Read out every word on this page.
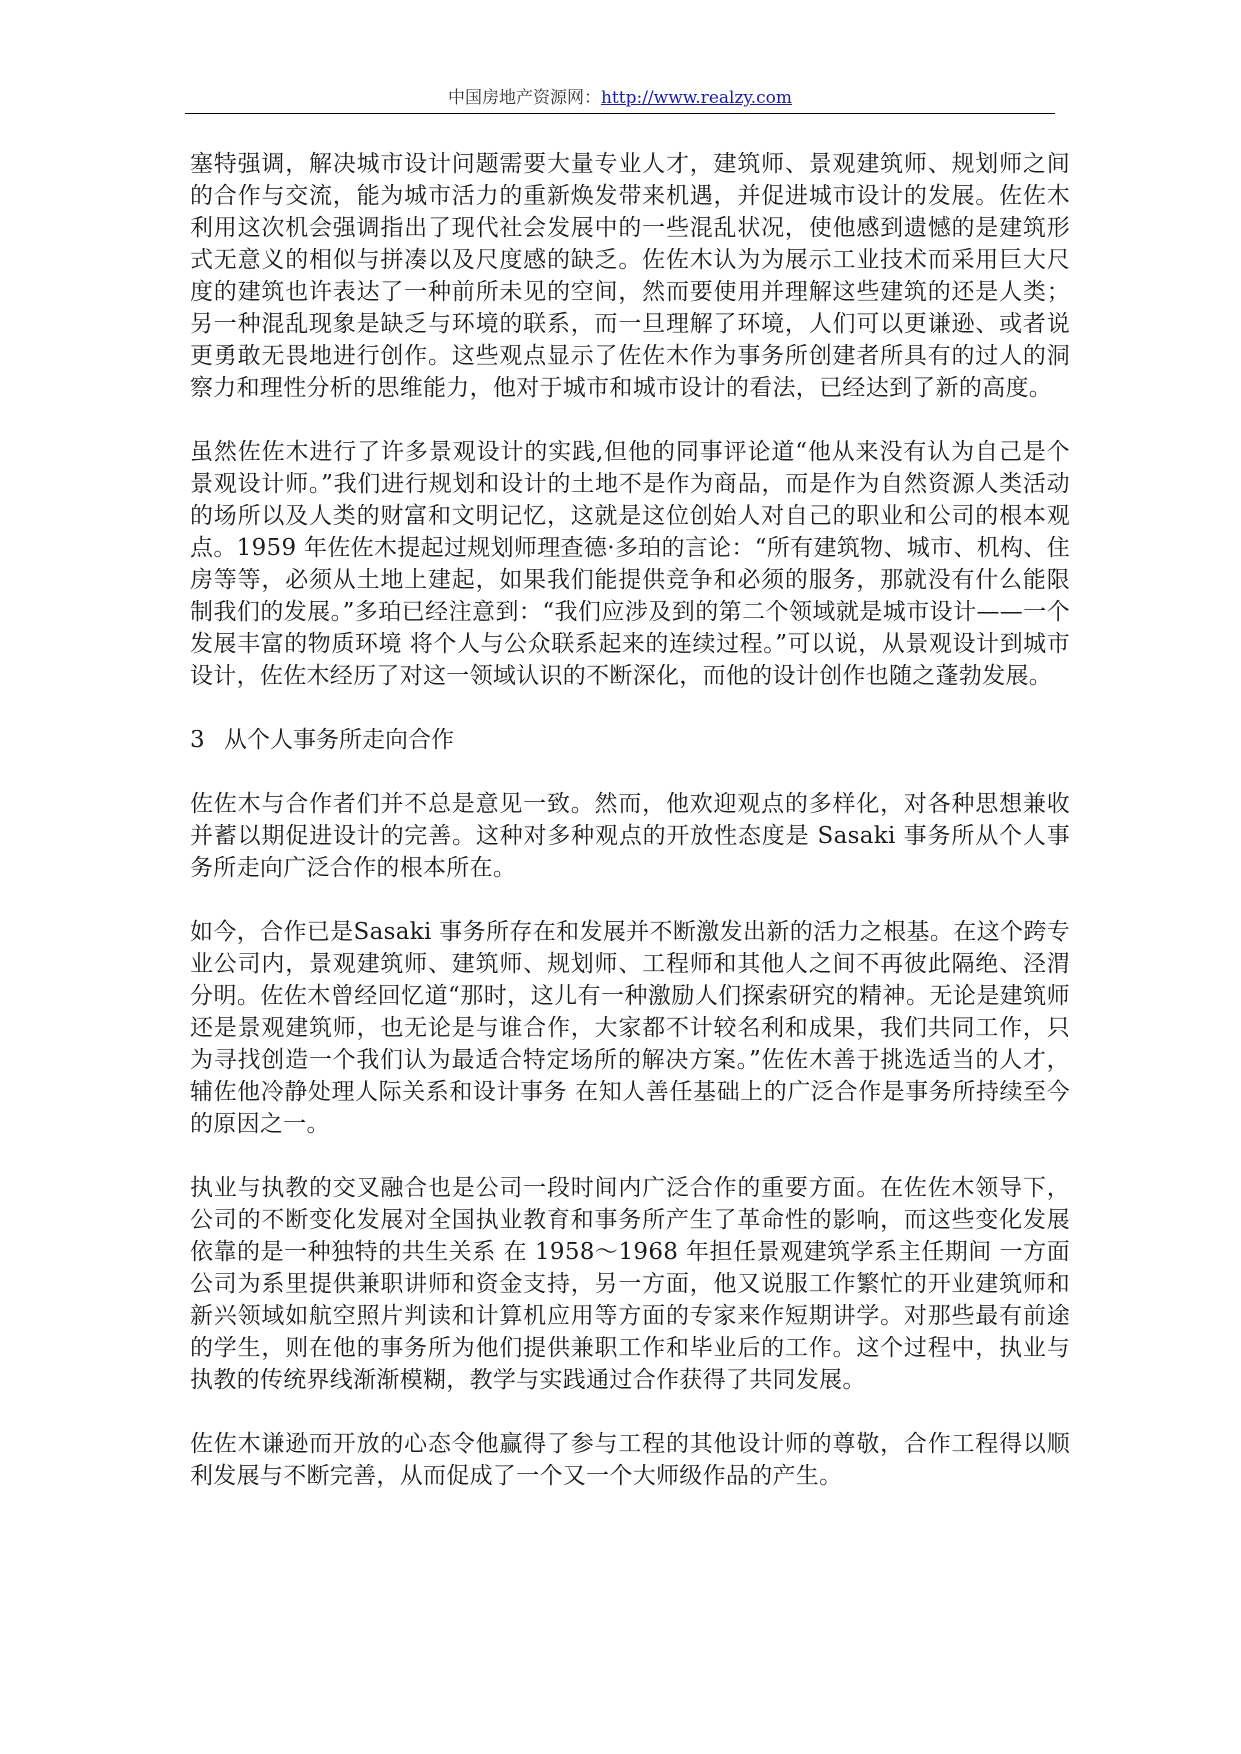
中国房地产资源网：http://www.realzy.com

塞特强调，解决城市设计问题需要大量专业人才，建筑师、景观建筑师、规划师之间的合作与交流，能为城市活力的重新焕发带来机遇，并促进城市设计的发展。佐佐木利用这次机会强调指出了现代社会发展中的一些混乱状况，使他感到遗憾的是建筑形式无意义的相似与拼凑以及尺度感的缺乏。佐佐木认为为展示工业技术而采用巨大尺度的建筑也许表达了一种前所未见的空间，然而要使用并理解这些建筑的还是人类；另一种混乱现象是缺乏与环境的联系，而一旦理解了环境，人们可以更谦逊、或者说更勇敢无畏地进行创作。这些观点显示了佐佐木作为事务所创建者所具有的过人的洞察力和理性分析的思维能力，他对于城市和城市设计的看法，已经达到了新的高度。

虽然佐佐木进行了许多景观设计的实践,但他的同事评论道“他从来没有认为自己是个景观设计师。”我们进行规划和设计的土地不是作为商品，而是作为自然资源人类活动的场所以及人类的财富和文明记忆，这就是这位创始人对自己的职业和公司的根本观点。1959 年佐佐木提起过规划师理查德·多珀的言论：“所有建筑物、城市、机构、住房等等，必须从土地上建起，如果我们能提供竞争和必须的服务，那就没有什么能限制我们的发展。”多珀已经注意到：“我们应涉及到的第二个领域就是城市设计——一个发展丰富的物质环境 将个人与公众联系起来的连续过程。”可以说，从景观设计到城市设计，佐佐木经历了对这一领域认识的不断深化，而他的设计创作也随之蓬勃发展。

3 从个人事务所走向合作

佐佐木与合作者们并不总是意见一致。然而，他欢迎观点的多样化，对各种思想兼收并蓄以期促进设计的完善。这种对多种观点的开放性态度是 Sasaki 事务所从个人事务所走向广泛合作的根本所在。

如今，合作已是Sasaki 事务所存在和发展并不断激发出新的活力之根基。在这个跨专业公司内，景观建筑师、建筑师、规划师、工程师和其他人之间不再彼此隔绝、泾渭分明。佐佐木曾经回忆道“那时，这儿有一种激励人们探索研究的精神。无论是建筑师还是景观建筑师，也无论是与谁合作，大家都不计较名利和成果，我们共同工作，只为寻找创造一个我们认为最适合特定场所的解决方案。”佐佐木善于挑选适当的人才，辅佐他冷静处理人际关系和设计事务 在知人善任基础上的广泛合作是事务所持续至今的原因之一。

执业与执教的交叉融合也是公司一段时间内广泛合作的重要方面。在佐佐木领导下，公司的不断变化发展对全国执业教育和事务所产生了革命性的影响，而这些变化发展依靠的是一种独特的共生关系 在 1958～1968 年担任景观建筑学系主任期间 一方面公司为系里提供兼职讲师和资金支持，另一方面，他又说服工作繁忙的开业建筑师和新兴领域如航空照片判读和计算机应用等方面的专家来作短期讲学。对那些最有前途的学生，则在他的事务所为他们提供兼职工作和毕业后的工作。这个过程中，执业与执教的传统界线渐渐模糊，教学与实践通过合作获得了共同发展。

佐佐木谦逊而开放的心态令他赢得了参与工程的其他设计师的尊敬，合作工程得以顺利发展与不断完善，从而促成了一个又一个大师级作品的产生。
